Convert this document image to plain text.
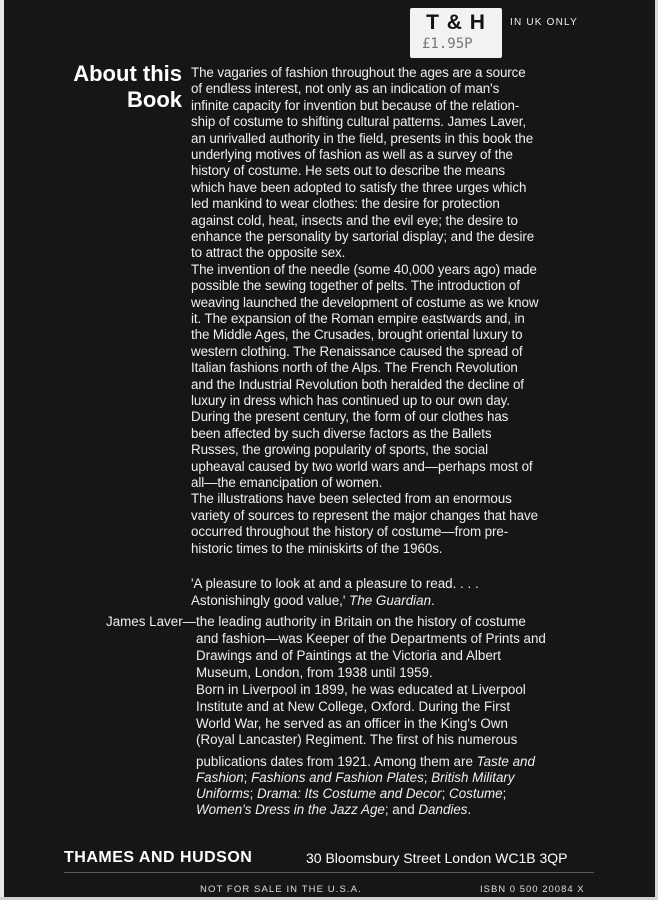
T & H
£1.95P
IN UK ONLY
About this
Book
The vagaries of fashion throughout the ages are a source
of endless interest, not only as an indication of man's
infinite capacity for invention but because of the relation-
ship of costume to shifting cultural patterns. James Laver,
an unrivalled authority in the field, presents in this book the
underlying motives of fashion as well as a survey of the
history of costume. He sets out to describe the means
which have been adopted to satisfy the three urges which
led mankind to wear clothes: the desire for protection
against cold, heat, insects and the evil eye; the desire to
enhance the personality by sartorial display; and the desire
to attract the opposite sex.
The invention of the needle (some 40,000 years ago) made
possible the sewing together of pelts. The introduction of
weaving launched the development of costume as we know
it. The expansion of the Roman empire eastwards and, in
the Middle Ages, the Crusades, brought oriental luxury to
western clothing. The Renaissance caused the spread of
Italian fashions north of the Alps. The French Revolution
and the Industrial Revolution both heralded the decline of
luxury in dress which has continued up to our own day.
During the present century, the form of our clothes has
been affected by such diverse factors as the Ballets
Russes, the growing popularity of sports, the social
upheaval caused by two world wars and—perhaps most of
all—the emancipation of women.
The illustrations have been selected from an enormous
variety of sources to represent the major changes that have
occurred throughout the history of costume—from pre-
historic times to the miniskirts of the 1960s.
'A pleasure to look at and a pleasure to read. . . .
Astonishingly good value,' The Guardian.
James Laver—the leading authority in Britain on the history of costume
and fashion—was Keeper of the Departments of Prints and
Drawings and of Paintings at the Victoria and Albert
Museum, London, from 1938 until 1959.
Born in Liverpool in 1899, he was educated at Liverpool
Institute and at New College, Oxford. During the First
World War, he served as an officer in the King's Own
(Royal Lancaster) Regiment. The first of his numerous
publications dates from 1921. Among them are Taste and
Fashion; Fashions and Fashion Plates; British Military
Uniforms; Drama: Its Costume and Decor; Costume;
Women's Dress in the Jazz Age; and Dandies.
THAMES AND HUDSON	30 Bloomsbury Street London WC1B 3QP
NOT FOR SALE IN THE U.S.A.	ISBN 0 500 20084 X
